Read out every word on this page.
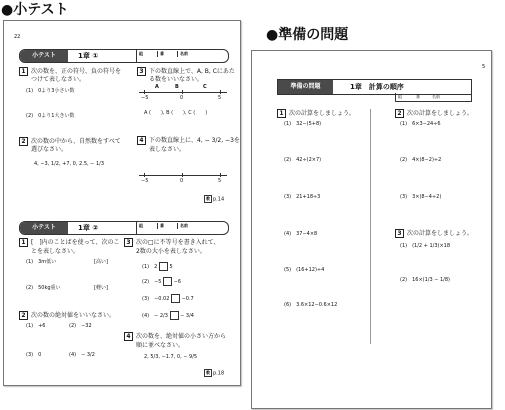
●小テスト
●準備の問題
22
小テスト	1章 ①	組	番	名前
1 次の数を、正の符号、負の符号を
つけて表しなさい。
(1)　0より3小さい数
(2)　0より1大きい数
2 次の数の中から、自然数をすべて
選びなさい。
4, −3, 1/2, +7, 0, 2.5, − 1/3
3 下の数直線上で、A, B, Cにあた
る数をいいなさい。
A	B	C
−5	0	5
A (　　), B (　　), C (　　)
4 下の数直線上に、4, − 3/2, −3を
表しなさい。
−5	0	5
教 p.14
小テスト	1章 ②	組	番	名前
1 [　]内のことばを使って、次のこ
とを表しなさい。
(1)　3m低い	[高い]
(2)　50kg重い	[軽い]
2 次の数の絶対値をいいなさい。
(1)　+6	(2)　−32
(3)　0	(4)　− 3/2
3 次の□に不等号を書き入れて、
2数の大小を表しなさい。
(1)　2 5
(2)　−5 −6
(3)　−0.02 −0.7
(4)　− 2/3 − 3/4
4 次の数を、絶対値の小さい方から
順に並べなさい。
2, 5/3, −1.7, 0, − 9/5
教 p.18
5
準備の問題	1章　計算の順序
組	番	名前
1 次の計算をしましょう。
(1)　32−(5+8)
(2)　42÷(2×7)
(3)　21+18÷3
(4)　37−4×8
(5)　(16+12)÷4
(6)　3.6×12−0.6×12
2 次の計算をしましょう。
(1)　6×3−24÷6
(2)　4×(8−2)÷2
(3)　3×(8−4÷2)
3 次の計算をしましょう。
(1)　(1/2 + 1/3)×18
(2)　16×(1/3 − 1/8)
